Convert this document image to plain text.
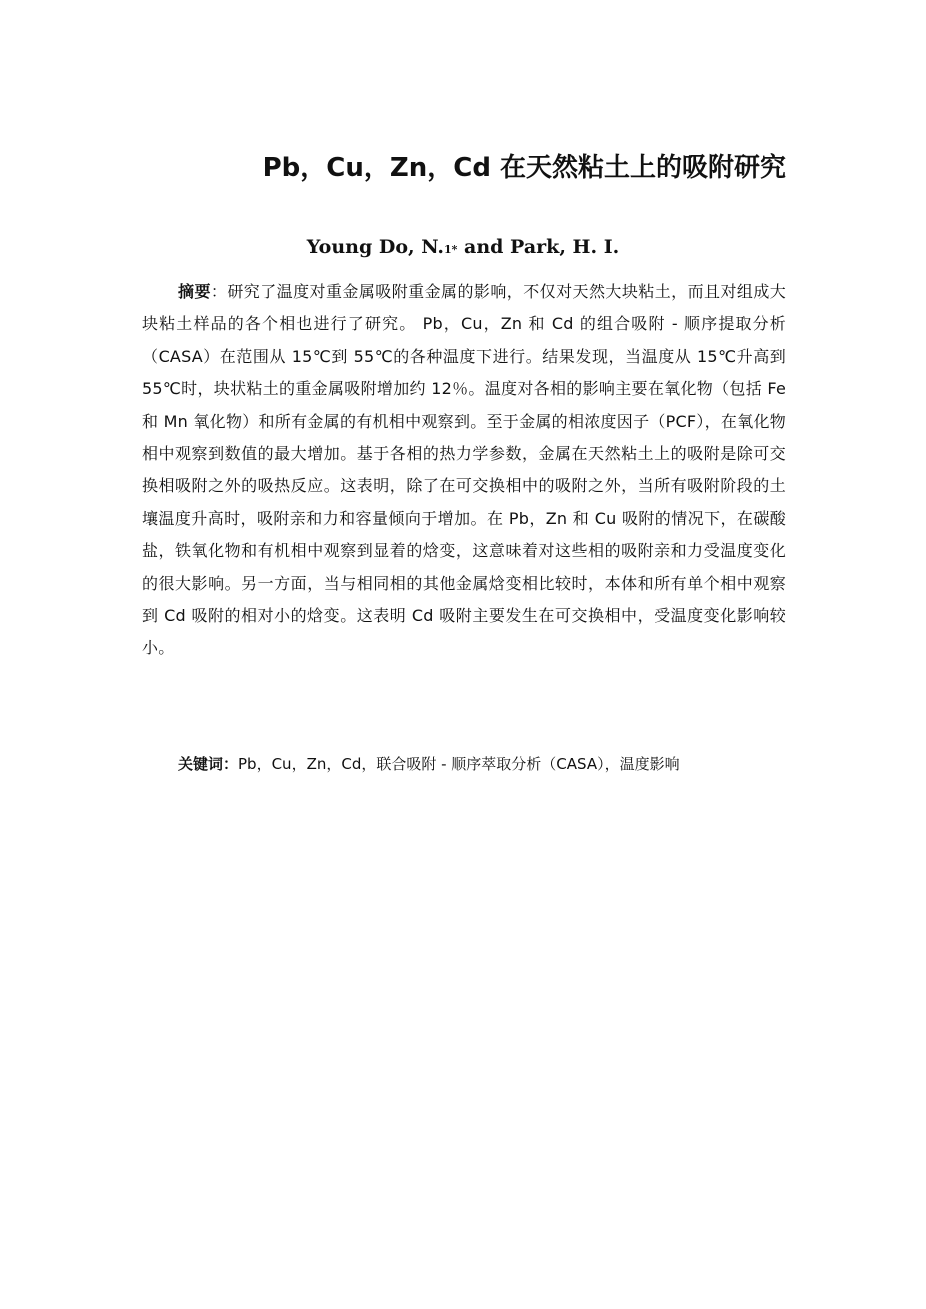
Pb，Cu，Zn，Cd 在天然粘土上的吸附研究
Young Do, N.1* and Park, H. I.

摘要：研究了温度对重金属吸附重金属的影响，不仅对天然大块粘土，而且对组成大块粘土样品的各个相也进行了研究。 Pb，Cu，Zn 和 Cd 的组合吸附 - 顺序提取分析（CASA）在范围从 15℃到 55℃的各种温度下进行。结果发现，当温度从 15℃升高到 55℃时，块状粘土的重金属吸附增加约 12％。温度对各相的影响主要在氧化物（包括 Fe 和 Mn 氧化物）和所有金属的有机相中观察到。至于金属的相浓度因子（PCF），在氧化物相中观察到数值的最大增加。基于各相的热力学参数，金属在天然粘土上的吸附是除可交换相吸附之外的吸热反应。这表明，除了在可交换相中的吸附之外，当所有吸附阶段的土壤温度升高时，吸附亲和力和容量倾向于增加。在 Pb，Zn 和 Cu 吸附的情况下，在碳酸盐，铁氧化物和有机相中观察到显着的焓变，这意味着对这些相的吸附亲和力受温度变化的很大影响。另一方面，当与相同相的其他金属焓变相比较时，本体和所有单个相中观察到 Cd 吸附的相对小的焓变。这表明 Cd 吸附主要发生在可交换相中，受温度变化影响较小。

关键词：Pb，Cu，Zn，Cd，联合吸附 - 顺序萃取分析（CASA），温度影响
